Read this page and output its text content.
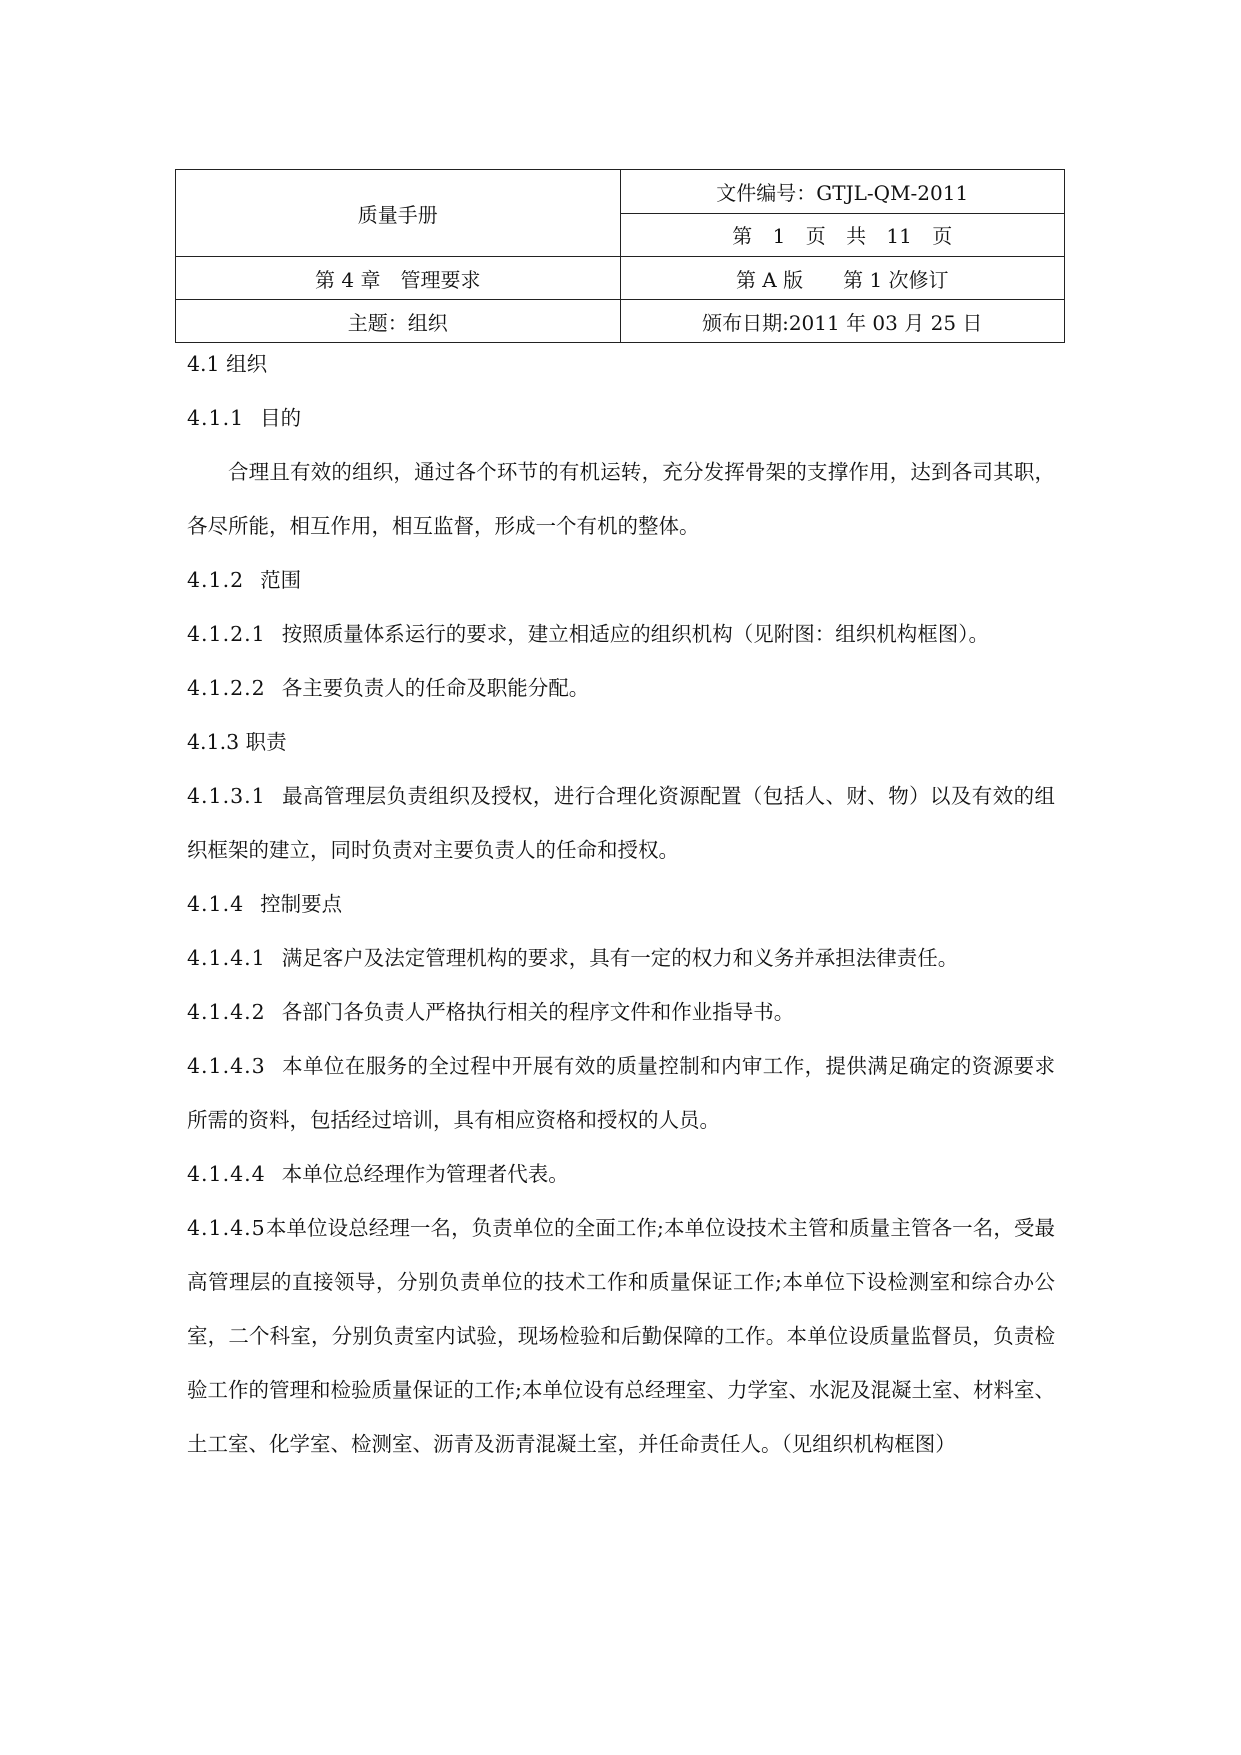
质量手册	文件编号：GTJL-QM-2011
	第 1 页 共 11 页
第 4 章　管理要求	第 A 版　　第 1 次修订
主题：组织	颁布日期:2011 年 03 月 25 日

4.1 组织

4.1.1 目的

合理且有效的组织，通过各个环节的有机运转，充分发挥骨架的支撑作用，达到各司其职，各尽所能，相互作用，相互监督，形成一个有机的整体。

4.1.2 范围

4.1.2.1 按照质量体系运行的要求，建立相适应的组织机构（见附图：组织机构框图）。

4.1.2.2 各主要负责人的任命及职能分配。

4.1.3 职责

4.1.3.1 最高管理层负责组织及授权，进行合理化资源配置（包括人、财、物）以及有效的组织框架的建立，同时负责对主要负责人的任命和授权。

4.1.4 控制要点

4.1.4.1 满足客户及法定管理机构的要求，具有一定的权力和义务并承担法律责任。

4.1.4.2 各部门各负责人严格执行相关的程序文件和作业指导书。

4.1.4.3 本单位在服务的全过程中开展有效的质量控制和内审工作，提供满足确定的资源要求所需的资料，包括经过培训，具有相应资格和授权的人员。

4.1.4.4 本单位总经理作为管理者代表。

4.1.4.5本单位设总经理一名，负责单位的全面工作;本单位设技术主管和质量主管各一名，受最高管理层的直接领导，分别负责单位的技术工作和质量保证工作;本单位下设检测室和综合办公室，二个科室，分别负责室内试验，现场检验和后勤保障的工作。本单位设质量监督员，负责检验工作的管理和检验质量保证的工作;本单位设有总经理室、力学室、水泥及混凝土室、材料室、土工室、化学室、检测室、沥青及沥青混凝土室，并任命责任人。（见组织机构框图）
